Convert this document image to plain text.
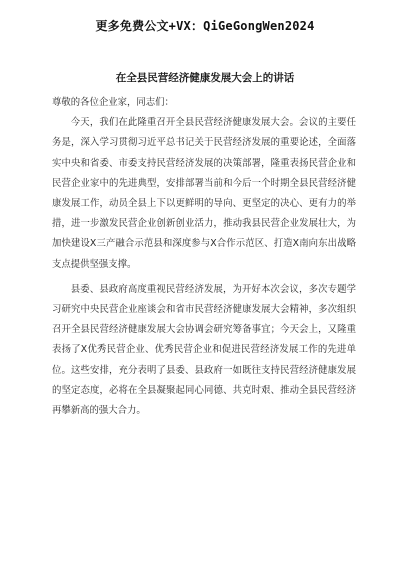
更多免费公文+VX：QiGeGongWen2024
在全县民营经济健康发展大会上的讲话

尊敬的各位企业家，同志们：

今天，我们在此隆重召开全县民营经济健康发展大会。会议的主要任务是，深入学习贯彻习近平总书记关于民营经济发展的重要论述，全面落实中央和省委、市委支持民营经济发展的决策部署，隆重表扬民营企业和民营企业家中的先进典型，安排部署当前和今后一个时期全县民营经济健康发展工作，动员全县上下以更鲜明的导向、更坚定的决心、更有力的举措，进一步激发民营企业创新创业活力，推动我县民营企业发展壮大，为加快建设X三产融合示范县和深度参与X合作示范区、打造X南向东出战略支点提供坚强支撑。

县委、县政府高度重视民营经济发展，为开好本次会议，多次专题学习研究中央民营企业座谈会和省市民营经济健康发展大会精神，多次组织召开全县民营经济健康发展大会协调会研究筹备事宜；今天会上，又隆重表扬了X优秀民营企业、优秀民营企业和促进民营经济发展工作的先进单位。这些安排，充分表明了县委、县政府一如既往支持民营经济健康发展的坚定态度，必将在全县凝聚起同心同德、共克时艰、推动全县民营经济再攀新高的强大合力。
